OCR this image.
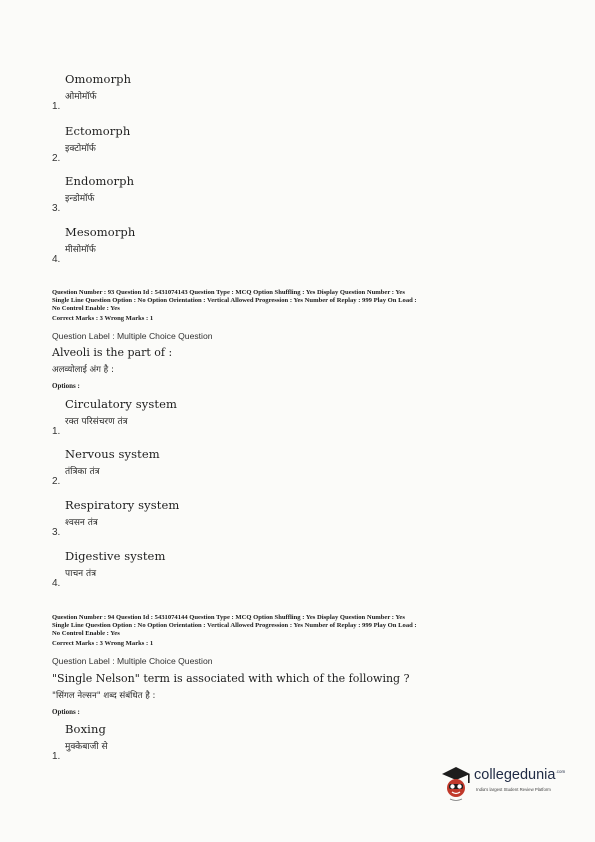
Omomorph
ओमोमॉर्फ
1.
Ectomorph
इक्टोमॉर्फ
2.
Endomorph
इन्डोमॉर्फ
3.
Mesomorph
मीसोमॉर्फ
4.
Question Number : 93 Question Id : 5431074143 Question Type : MCQ Option Shuffling : Yes Display Question Number : Yes
Single Line Question Option : No Option Orientation : Vertical Allowed Progression : Yes Number of Replay : 999 Play On Load :
No Control Enable : Yes
Correct Marks : 3 Wrong Marks : 1
Question Label : Multiple Choice Question
Alveoli is the part of :
अलव्योलाई अंग है :
Options :
Circulatory system
रक्त परिसंचरण तंत्र
1.
Nervous system
तंत्रिका तंत्र
2.
Respiratory system
श्वसन तंत्र
3.
Digestive system
पाचन तंत्र
4.
Question Number : 94 Question Id : 5431074144 Question Type : MCQ Option Shuffling : Yes Display Question Number : Yes
Single Line Question Option : No Option Orientation : Vertical Allowed Progression : Yes Number of Replay : 999 Play On Load :
No Control Enable : Yes
Correct Marks : 3 Wrong Marks : 1
Question Label : Multiple Choice Question
"Single Nelson" term is associated with which of the following ?
"सिंगल नेल्सन" शब्द संबंधित है :
Options :
Boxing
मुक्केबाजी से
1.
collegedunia$^{.com}$
India's largest Student Review Platform
